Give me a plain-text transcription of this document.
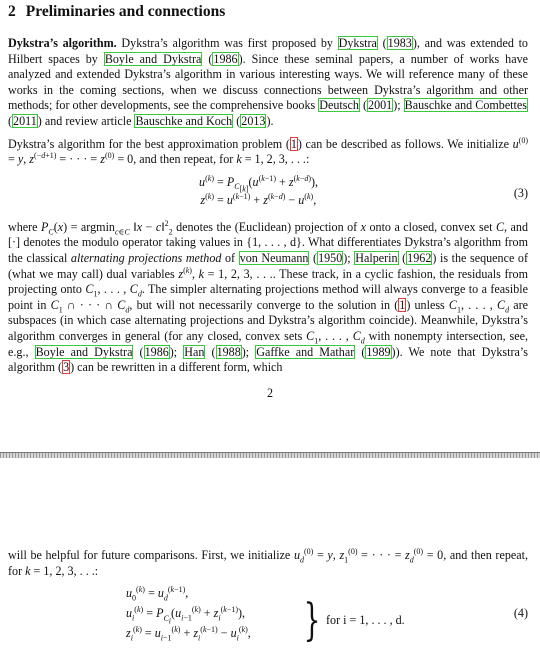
2 Preliminaries and connections

Dykstra’s algorithm. Dykstra’s algorithm was first proposed by Dykstra (1983), and was extended to Hilbert spaces by Boyle and Dykstra (1986). Since these seminal papers, a number of works have analyzed and extended Dykstra’s algorithm in various interesting ways. We will reference many of these works in the coming sections, when we discuss connections between Dykstra’s algorithm and other methods; for other developments, see the comprehensive books Deutsch (2001); Bauschke and Combettes (2011) and review article Bauschke and Koch (2013).

Dykstra’s algorithm for the best approximation problem (1) can be described as follows. We initialize $u^{(0)} = y$, $z^{(-d+1)}$ = · · · = $z^{(0)} = 0$, and then repeat, for k = 1, 2, 3, . . .:

$u^{(k)} = P_{C_{[k]}}(u^{(k-1)} + z^{(k-d)})$,
$z^{(k)} = u^{(k-1)} + z^{(k-d)} - u^{(k)}$,	(3)

where $P_C(x) = argmin_{c\in C}$ ‖x − c‖$^2_2$ denotes the (Euclidean) projection of x onto a closed, convex set C, and [·] denotes the modulo operator taking values in {1, . . . , d}. What differentiates Dykstra’s algorithm from the classical alternating projections method of von Neumann (1950); Halperin (1962) is the sequence of (what we may call) dual variables $z^{(k)}$, k = 1, 2, 3, . . .. These track, in a cyclic fashion, the residuals from projecting onto $C_1$, . . . , $C_d$. The simpler alternating projections method will always converge to a feasible point in $C_1$ ∩ · · · ∩ $C_d$, but will not necessarily converge to the solution in (1) unless $C_1$, . . . , $C_d$ are subspaces (in which case alternating projections and Dykstra’s algorithm coincide). Meanwhile, Dykstra’s algorithm converges in general (for any closed, convex sets $C_1$, . . . , $C_d$ with nonempty intersection, see, e.g., Boyle and Dykstra (1986); Han (1988); Gaffke and Mathar (1989)). We note that Dykstra’s algorithm (3) can be rewritten in a different form, which

2

will be helpful for future comparisons. First, we initialize $u_d^{(0)} = y$, $z_1^{(0)}$ = · · · = $z_d^{(0)} = 0$, and then repeat, for k = 1, 2, 3, . . .:

$u_0^{(k)} = u_d^{(k-1)}$,
$u_i^{(k)} = P_{C_i}(u_{i-1}^{(k)} + z_i^{(k-1)})$,
$z_i^{(k)} = u_{i-1}^{(k)} + z_i^{(k-1)} - u_i^{(k)}$, } for i = 1, . . . , d.	(4)
